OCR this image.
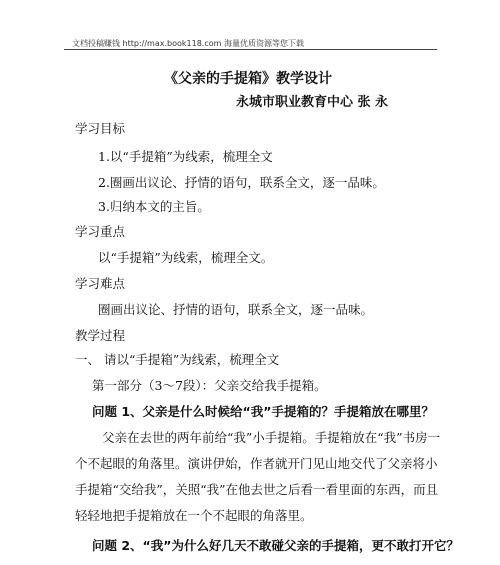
文档投稿赚钱 http://max.book118.com 海量优质资源等您下载
《父亲的手提箱》教学设计
永城市职业教育中心 张 永
学习目标
1.以“手提箱”为线索，梳理全文
2.圈画出议论、抒情的语句，联系全文，逐一品味。
3.归纳本文的主旨。
学习重点
以“手提箱”为线索，梳理全文。
学习难点
圈画出议论、抒情的语句，联系全文，逐一品味。
教学过程
一、 请以“手提箱”为线索，梳理全文
第一部分（3～7段）：父亲交给我手提箱。
问题 1、父亲是什么时候给“我”手提箱的？手提箱放在哪里？
父亲在去世的两年前给“我”小手提箱。手提箱放在“我”书房一
个不起眼的角落里。演讲伊始，作者就开门见山地交代了父亲将小
手提箱“交给我”，关照“我”在他去世之后看一看里面的东西，而且
轻轻地把手提箱放在一个不起眼的角落里。
问题 2、“我”为什么好几天不敢碰父亲的手提箱，更不敢打开它？
